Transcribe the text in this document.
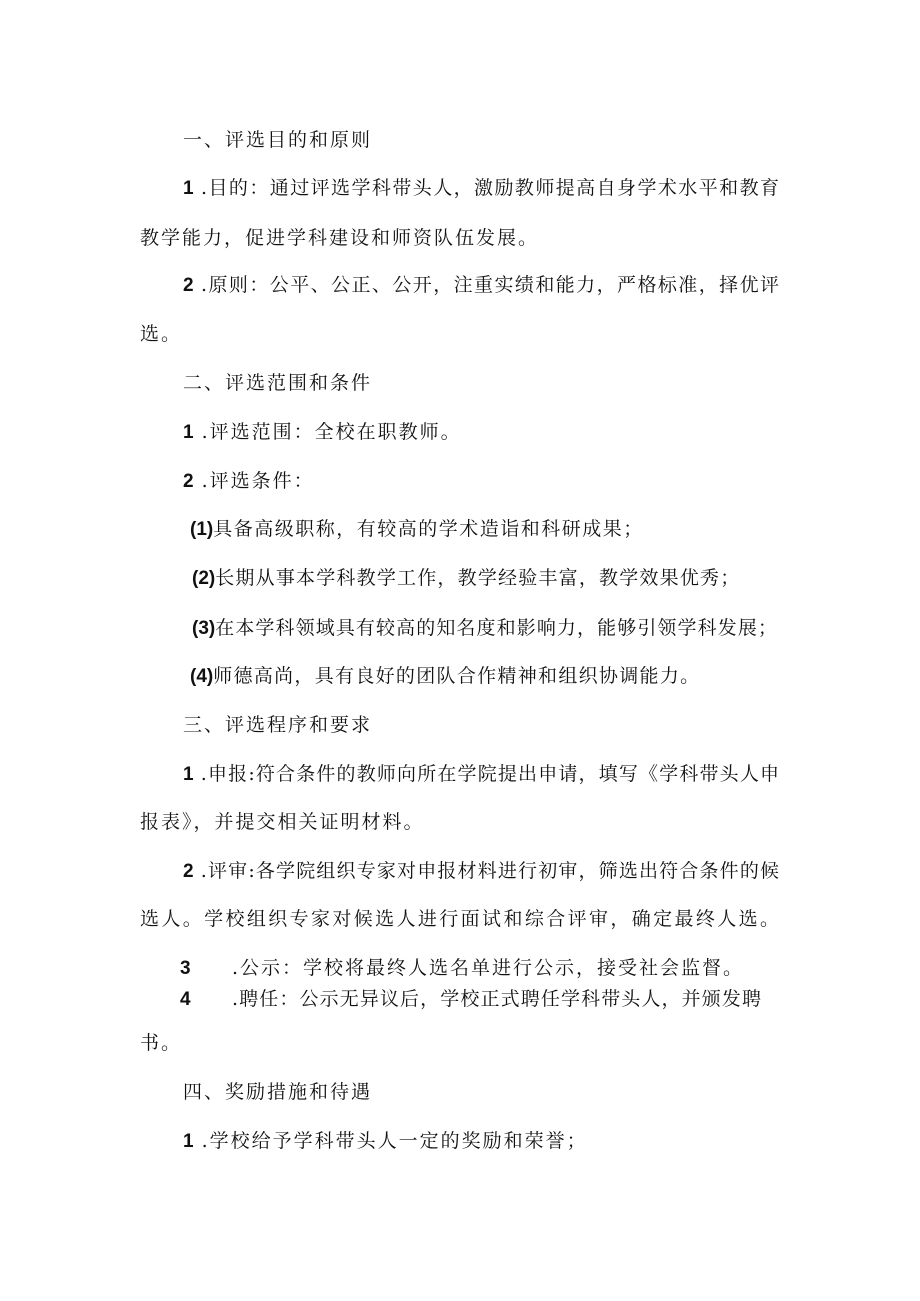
一、评选目的和原则
1 .目的：通过评选学科带头人，激励教师提高自身学术水平和教育
教学能力，促进学科建设和师资队伍发展。
2 .原则：公平、公正、公开，注重实绩和能力，严格标准，择优评
选。
二、评选范围和条件
1 .评选范围：全校在职教师。
2 .评选条件：
(1)具备高级职称，有较高的学术造诣和科研成果；
(2)长期从事本学科教学工作，教学经验丰富，教学效果优秀；
(3)在本学科领域具有较高的知名度和影响力，能够引领学科发展；
(4)师德高尚，具有良好的团队合作精神和组织协调能力。
三、评选程序和要求
1 .申报:符合条件的教师向所在学院提出申请，填写《学科带头人申
报表》，并提交相关证明材料。
2 .评审:各学院组织专家对申报材料进行初审，筛选出符合条件的候
选人。学校组织专家对候选人进行面试和综合评审，确定最终人选。
3 .公示：学校将最终人选名单进行公示，接受社会监督。
4 .聘任：公示无异议后，学校正式聘任学科带头人，并颁发聘
书。
四、奖励措施和待遇
1 .学校给予学科带头人一定的奖励和荣誉；
